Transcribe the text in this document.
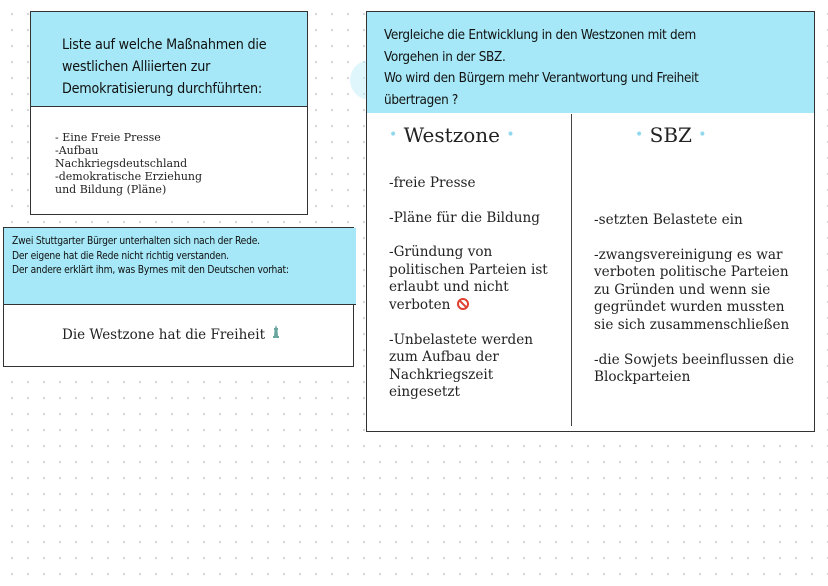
Liste auf welche Maßnahmen die
westlichen Alliierten zur
Demokratisierung durchführten:
- Eine Freie Presse
-Aufbau
Nachkriegsdeutschland
-demokratische Erziehung
und Bildung (Pläne)
Zwei Stuttgarter Bürger unterhalten sich nach der Rede.
Der eigene hat die Rede nicht richtig verstanden.
Der andere erklärt ihm, was Byrnes mit den Deutschen vorhat:
Die Westzone hat die Freiheit
Vergleiche die Entwicklung in den Westzonen mit dem
Vorgehen in der SBZ.
Wo wird den Bürgern mehr Verantwortung und Freiheit
übertragen ?
• Westzone •	• SBZ •
-freie Presse
-Pläne für die Bildung
-Gründung von politischen Parteien ist erlaubt und nicht verboten
-Unbelastete werden zum Aufbau der Nachkriegszeit eingesetzt
-setzten Belastete ein
-zwangsvereinigung es war verboten politische Parteien zu Gründen und wenn sie gegründet wurden mussten sie sich zusammenschließen
-die Sowjets beeinflussen die Blockparteien
